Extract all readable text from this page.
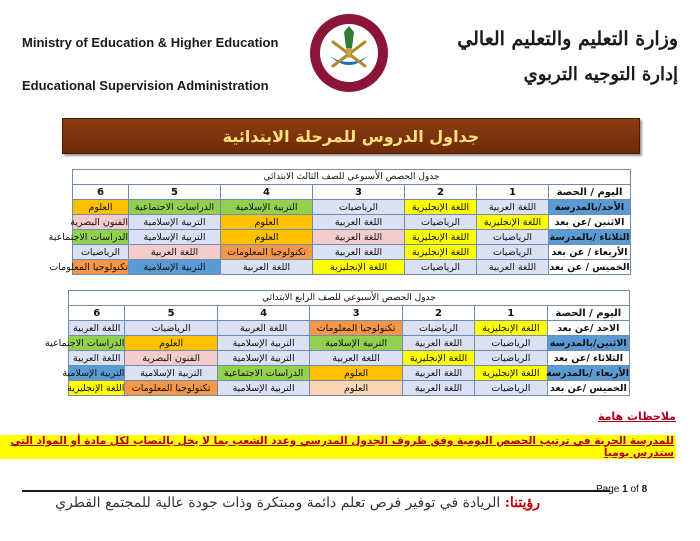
Ministry of Education & Higher Education
Educational Supervision Administration
وزارة التعليم والتعليم العالي
إدارة التوجيه التربوي
جداول الدروس للمرحلة الابتدائية
جدول الحصص الأسبوعي للصف الثالث الابتدائي						
اليوم / الحصة	1	2	3	4	5	6
الأحد/بالمدرسة	اللغة العربية	اللغة الإنجليزية	الرياضيات	التربية الإسلامية	الدراسات الاجتماعية	العلوم
الاثنين /عن بعد	اللغة الإنجليزية	الرياضيات	اللغة العربية	العلوم	التربية الإسلامية	الفنون البصرية
الثلاثاء /بالمدرسة	الرياضيات	اللغة الإنجليزية	اللغة العربية	العلوم	التربية الإسلامية	الدراسات الاجتماعية
الأربعاء / عن بعد	الرياضيات	اللغة الإنجليزية	اللغة العربية	تكنولوجيا المعلومات	اللغة العربية	الرياضيات
الخميس / عن بعد	اللغة العربية	الرياضيات	اللغة الإنجليزية	اللغة العربية	التربية الإسلامية	تكنولوجيا المعلومات
جدول الحصص الأسبوعي للصف الرابع الابتدائي						
اليوم / الحصة	1	2	3	4	5	6
الاحد /عن بعد	اللغة الإنجليزية	الرياضيات	تكنولوجيا المعلومات	اللغة العربية	الرياضيات	اللغة العربية
الاثنين/بالمدرسة	الرياضيات	اللغة العربية	التربية الإسلامية	التربية الإسلامية	العلوم	الدراسات الاجتماعية
الثلاثاء /عن بعد	الرياضيات	اللغة الإنجليزية	اللغة العربية	التربية الإسلامية	الفنون البصرية	اللغة العربية
الأربعاء /بالمدرسة	اللغة الإنجليزية	اللغة العربية	العلوم	الدراسات الاجتماعية	التربية الإسلامية	التربية الإسلامية
الخميس /عن بعد	الرياضيات	اللغة العربية	العلوم	التربية الإسلامية	تكنولوجيا المعلومات	اللغة الإنجليزية
ملاحظات هامة
للمدرسة الحرية في ترتيب الحصص اليومية وفق ظروف الجدول المدرسي وعدد الشعب بما لا يخل بالنصاب لكل مادة أو المواد التي ستدرس يومياً
Page 1 of 8
رؤيتنا: الريادة في توفير فرص تعلم دائمة ومبتكرة وذات جودة عالية للمجتمع القطري
